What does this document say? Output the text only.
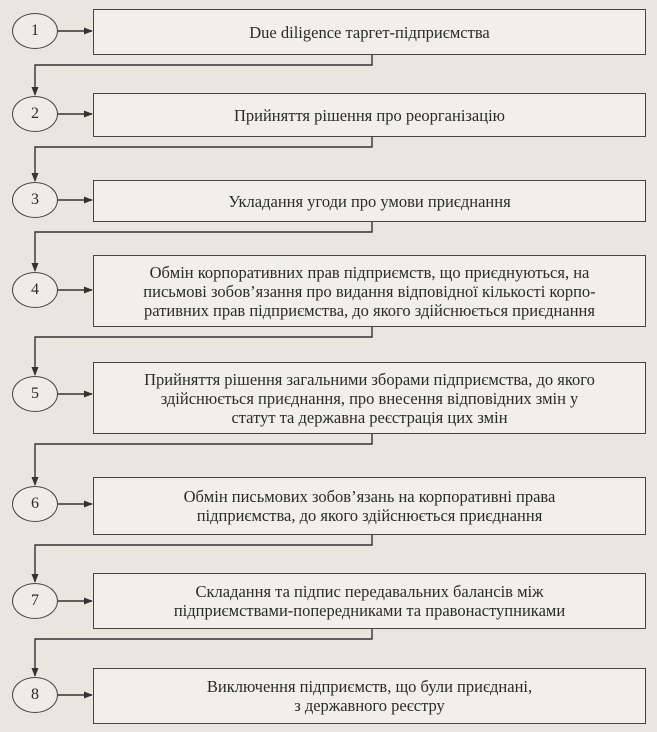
1	Due diligence таргет-підприємства
2	Прийняття рішення про реорганізацію
3	Укладання угоди про умови приєднання
4
Обмін корпоративних прав підприємств, що приєднуються, на
письмові зобов’язання про видання відповідної кількості корпо-
ративних прав підприємства, до якого здійснюється приєднання
5
Прийняття рішення загальними зборами підприємства, до якого
здійснюється приєднання, про внесення відповідних змін у
статут та державна реєстрація цих змін
6	Обмін письмових зобов’язань на корпоративні права
підприємства, до якого здійснюється приєднання
7	Складання та підпис передавальних балансів між
підприємствами-попередниками та правонаступниками
8	Виключення підприємств, що були приєднані,
з державного реєстру
